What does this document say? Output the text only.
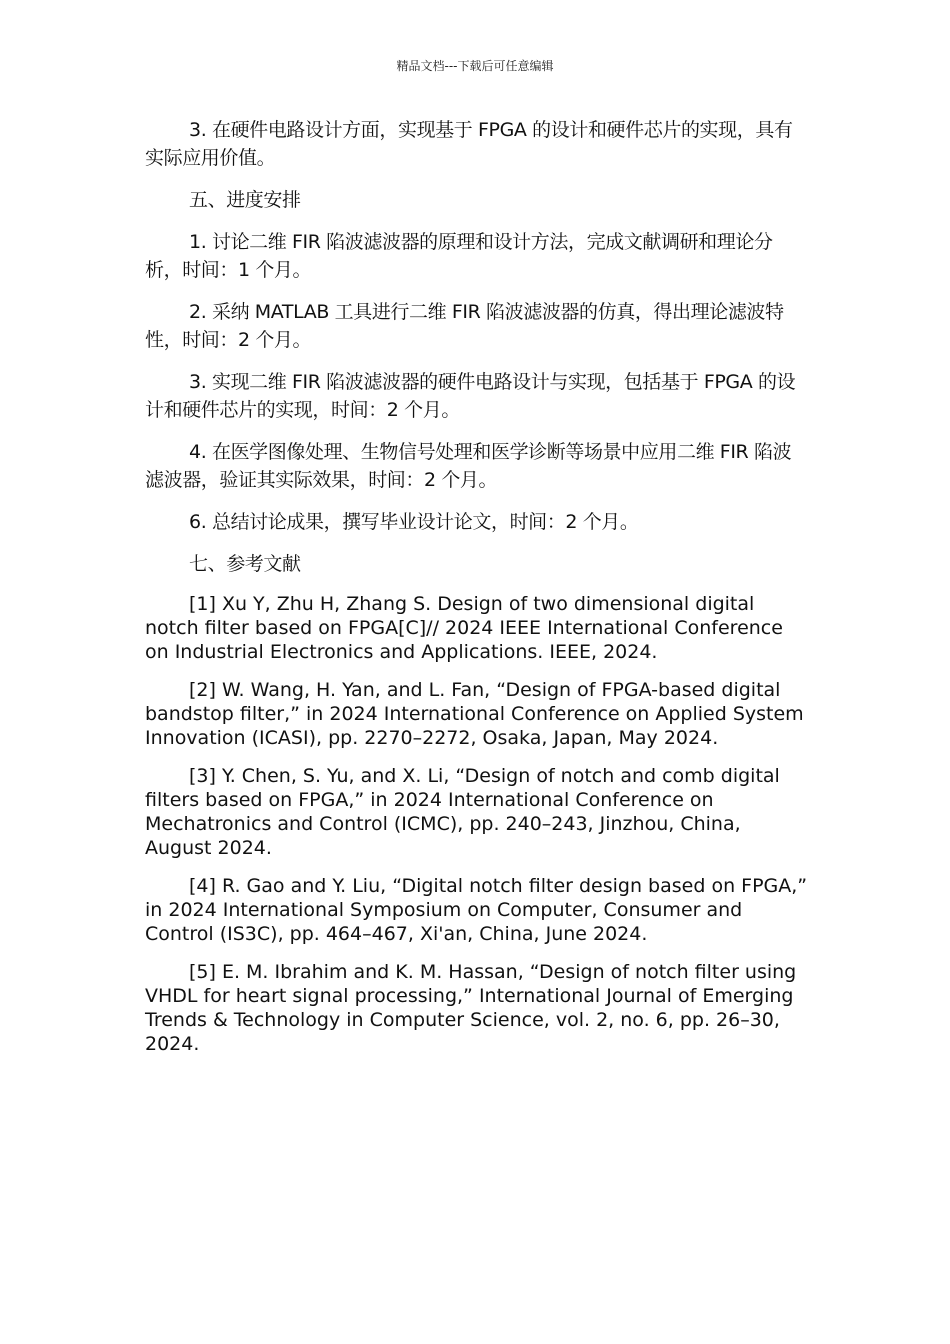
精品文档---下载后可任意编辑

3. 在硬件电路设计方面，实现基于 FPGA 的设计和硬件芯片的实现，具有实际应用价值。

五、进度安排

1. 讨论二维 FIR 陷波滤波器的原理和设计方法，完成文献调研和理论分析，时间：1 个月。

2. 采纳 MATLAB 工具进行二维 FIR 陷波滤波器的仿真，得出理论滤波特性，时间：2 个月。

3. 实现二维 FIR 陷波滤波器的硬件电路设计与实现，包括基于 FPGA 的设计和硬件芯片的实现，时间：2 个月。

4. 在医学图像处理、生物信号处理和医学诊断等场景中应用二维 FIR 陷波滤波器，验证其实际效果，时间：2 个月。

6. 总结讨论成果，撰写毕业设计论文，时间：2 个月。

七、参考文献

[1] Xu Y, Zhu H, Zhang S. Design of two dimensional digital notch filter based on FPGA[C]// 2024 IEEE International Conference on Industrial Electronics and Applications. IEEE, 2024.

[2] W. Wang, H. Yan, and L. Fan, “Design of FPGA-based digital bandstop filter,” in 2024 International Conference on Applied System Innovation (ICASI), pp. 2270–2272, Osaka, Japan, May 2024.

[3] Y. Chen, S. Yu, and X. Li, “Design of notch and comb digital filters based on FPGA,” in 2024 International Conference on Mechatronics and Control (ICMC), pp. 240–243, Jinzhou, China, August 2024.

[4] R. Gao and Y. Liu, “Digital notch filter design based on FPGA,” in 2024 International Symposium on Computer, Consumer and Control (IS3C), pp. 464–467, Xi'an, China, June 2024.

[5] E. M. Ibrahim and K. M. Hassan, “Design of notch filter using VHDL for heart signal processing,” International Journal of Emerging Trends & Technology in Computer Science, vol. 2, no. 6, pp. 26–30, 2024.
